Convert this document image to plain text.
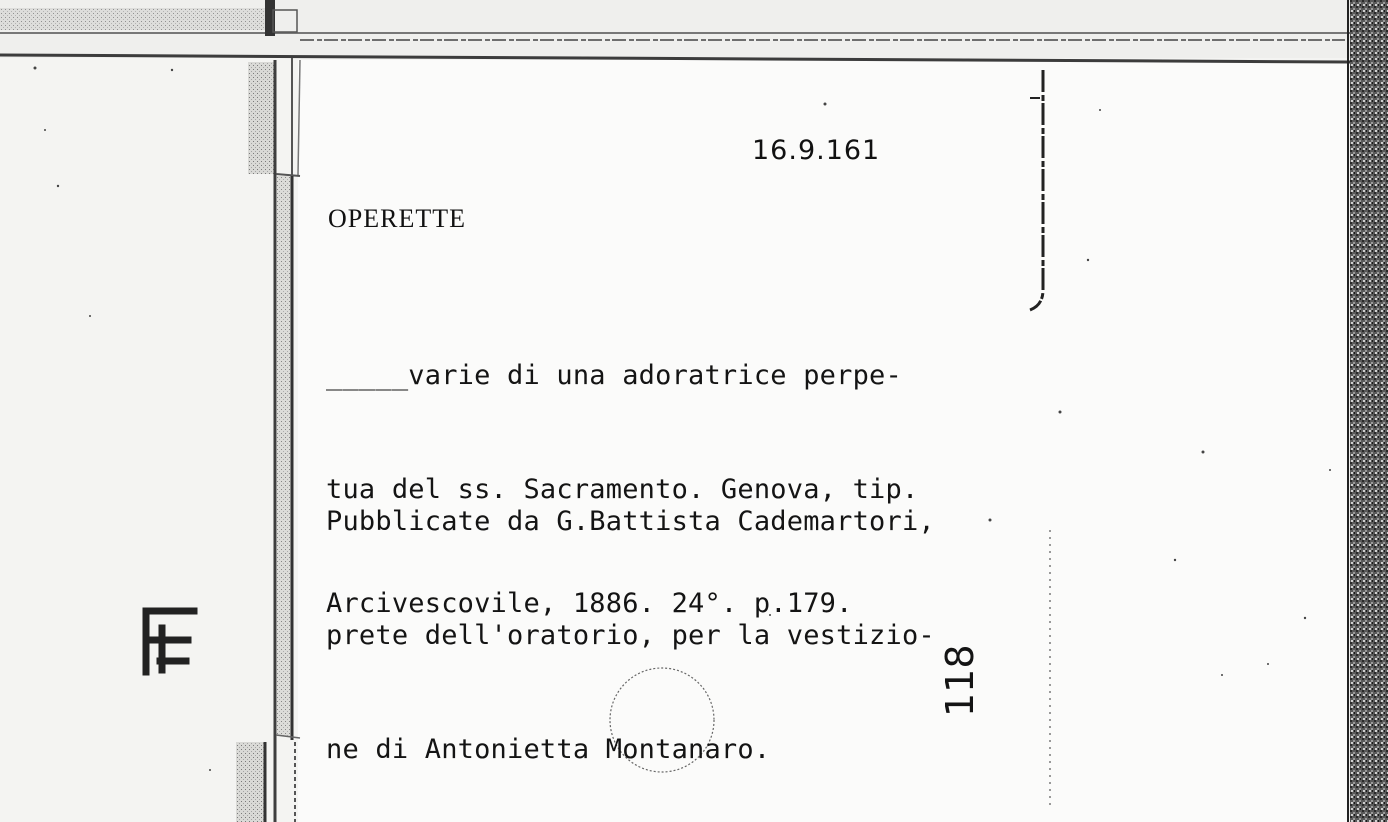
16.9.161
OPERETTE

_____varie di una adoratrice perpe-

tua del ss. Sacramento. Genova, tip.

Arcivescovile, 1886. 24°. p.179.

Pubblicate da G.Battista Cademartori,

prete dell'oratorio, per la vestizio-

ne di Antonietta Montanaro.

118
